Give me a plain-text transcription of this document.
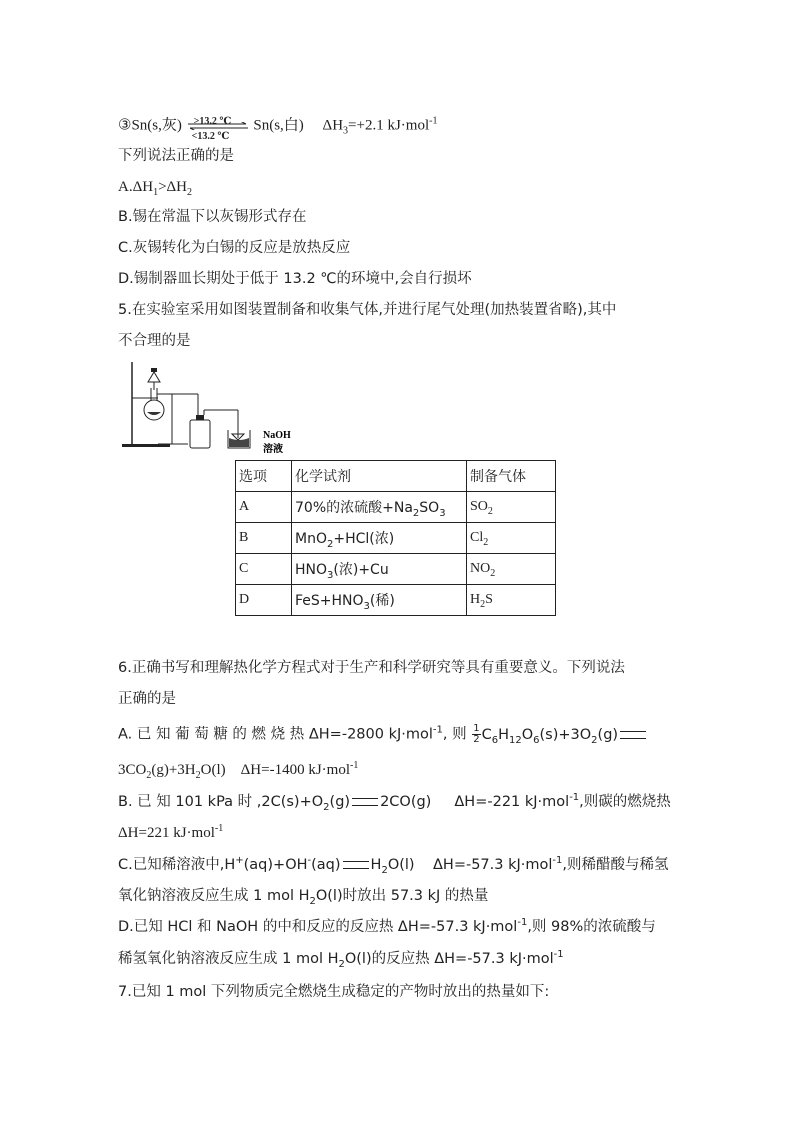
③Sn(s,灰) >13.2 ℃
<13.2 ℃
Sn(s,白) $\Delta H_3=+2.1$ kJ·mol$^{-1}$
下列说法正确的是
$A.\Delta H_1>\Delta H_2$
B.锡在常温下以灰锡形式存在
C.灰锡转化为白锡的反应是放热反应
D.锡制器皿长期处于低于 13.2 ℃的环境中,会自行损坏
5.在实验室采用如图装置制备和收集气体,并进行尾气处理(加热装置省略),其中
不合理的是
NaOH
溶液
选项	化学试剂	制备气体
A	70%的浓硫酸$+Na_2SO_3$	$SO_2$
B	MnO$_2$+HCl(浓)	$Cl_2$
C	$HNO_3$(浓)+Cu	$NO_2$
D	$FeS+HNO_3$(稀)	$H_2S$
6.正确书写和理解热化学方程式对于生产和科学研究等具有重要意义。下列说法
正确的是
A. 已 知 葡 萄 糖 的 燃 烧 热 ΔH=-2800 kJ·mol$^{-1}$, 则 $\frac{1}{2} C_6H_{12}O_6(s)+3O_2(g)$
$3CO_2(g)+3H_2O(l)$    ΔH=-1400 kJ·mol$^{-1}$
B. 已 知 101 kPa 时 $,2C(s)+O_2(g)$ 2CO(g)     ΔH=-221 kJ·mol$^{-1}$,则碳的燃烧热
ΔH=221 kJ·mol$^{-1}$
C.已知稀溶液中,H+(aq)+OH-(aq) $H_2O(l)$    ΔH=-57.3 kJ·mol$^{-1}$,则稀醋酸与稀氢
氧化钠溶液反应生成 1 mol $H_2O(l)$时放出 57.3 kJ 的热量
D.已知 HCl 和 NaOH 的中和反应的反应热 ΔH=-57.3 kJ·mol$^{-1}$,则 98%的浓硫酸与
稀氢氧化钠溶液反应生成 1 mol $H_2O(l)$的反应热 ΔH=-57.3 kJ·mol$^{-1}$
7.已知 1 mol 下列物质完全燃烧生成稳定的产物时放出的热量如下:
